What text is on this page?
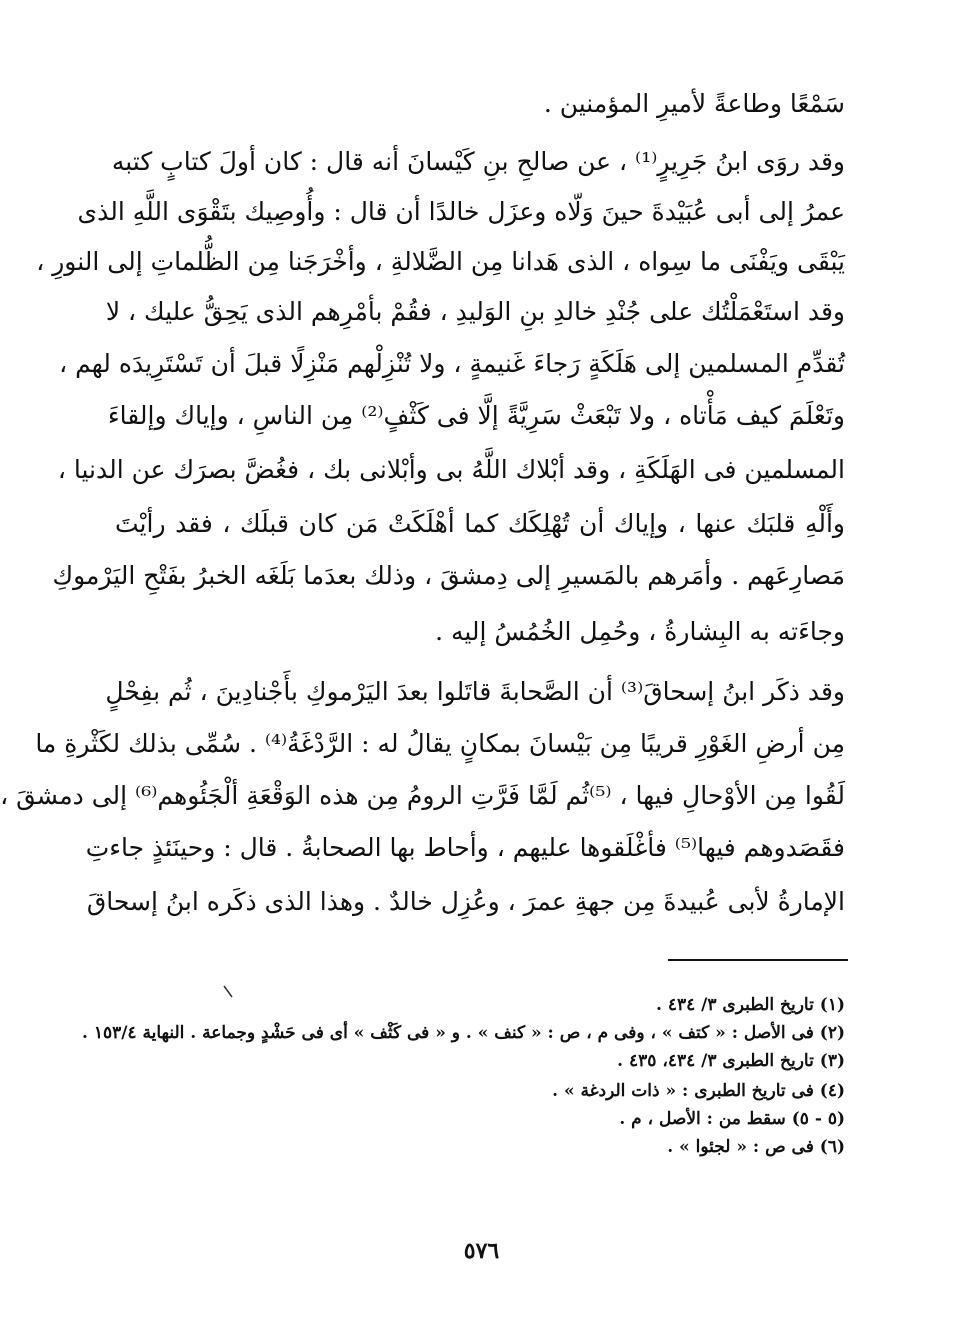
سَمْعًا وطاعةً لأميرِ المؤمنين .
وقد روَى ابنُ جَرِيرٍ⁽¹⁾ ، عن صالحِ بنِ كَيْسانَ أنه قال : كان أولَ كتابٍ كتبه
عمرُ إلى أبى عُبَيْدةَ حينَ وَلّاه وعزَل خالدًا أن قال : وأُوصِيك بتَقْوَى اللَّهِ الذى
يَبْقَى ويَفْنَى ما سِواه ، الذى هَدانا مِن الضَّلالةِ ، وأخْرَجَنا مِن الظُّلماتِ إلى النورِ ،
وقد استَعْمَلْتُك على جُنْدِ خالدِ بنِ الوَليدِ ، فقُمْ بأمْرِهم الذى يَحِقُّ عليك ، لا
تُقدِّمِ المسلمين إلى هَلَكَةٍ رَجاءَ غَنيمةٍ ، ولا تُنْزِلْهم مَنْزِلًا قبلَ أن تَسْتَرِيدَه لهم ،
وتَعْلَمَ كيف مَأْتاه ، ولا تَبْعَثْ سَرِيَّةً إلَّا فى كَثْفٍ⁽²⁾ مِن الناسِ ، وإياك وإلقاءَ
المسلمين فى الهَلَكَةِ ، وقد أبْلاك اللَّهُ بى وأبْلانى بك ، فغُضَّ بصرَك عن الدنيا ،
وأَلْهِ قلبَك عنها ، وإياك أن تُهْلِكَك كما أهْلَكَتْ مَن كان قبلَك ، فقد رأيْتَ
مَصارِعَهم . وأمَرهم بالمَسيرِ إلى دِمشقَ ، وذلك بعدَما بَلَغَه الخبرُ بفَتْحِ اليَرْموكِ
وجاءَته به البِشارةُ ، وحُمِل الخُمُسُ إليه .
وقد ذكَر ابنُ إسحاقَ⁽³⁾ أن الصَّحابةَ قاتَلوا بعدَ اليَرْموكِ بأَجْنادِينَ ، ثُم بفِحْلٍ
مِن أرضِ الغَوْرِ قريبًا مِن بَيْسانَ بمكانٍ يقالُ له : الرَّدْغَةُ⁽⁴⁾ . سُمِّى بذلك لكَثْرةِ ما
لَقُوا مِن الأوْحالِ فيها ، ⁽⁵⁾ثُم لَمَّا فَرَّتِ الرومُ مِن هذه الوَقْعَةِ ألْجَئُوهم⁽⁶⁾ إلى دمشقَ ،
فقَصَدوهم فيها⁽⁵⁾ فأغْلَقوها عليهم ، وأحاط بها الصحابةُ . قال : وحينَئذٍ جاءتِ
الإمارةُ لأبى عُبيدةَ مِن جهةِ عمرَ ، وعُزِل خالدٌ . وهذا الذى ذكَره ابنُ إسحاقَ
(١) تاريخ الطبرى ٣/ ٤٣٤ .
(٢) فى الأصل : « كتف » ، وفى م ، ص : « كنف » . و « فى كَثْف » أى فى حَشْدٍ وجماعة . النهاية ١٥٣/٤ .
(٣) تاريخ الطبرى ٣/ ٤٣٤، ٤٣٥ .
(٤) فى تاريخ الطبرى : « ذات الردغة » .
(٥ - ٥) سقط من : الأصل ، م .
(٦) فى ص : « لجئوا » .
٥٧٦
